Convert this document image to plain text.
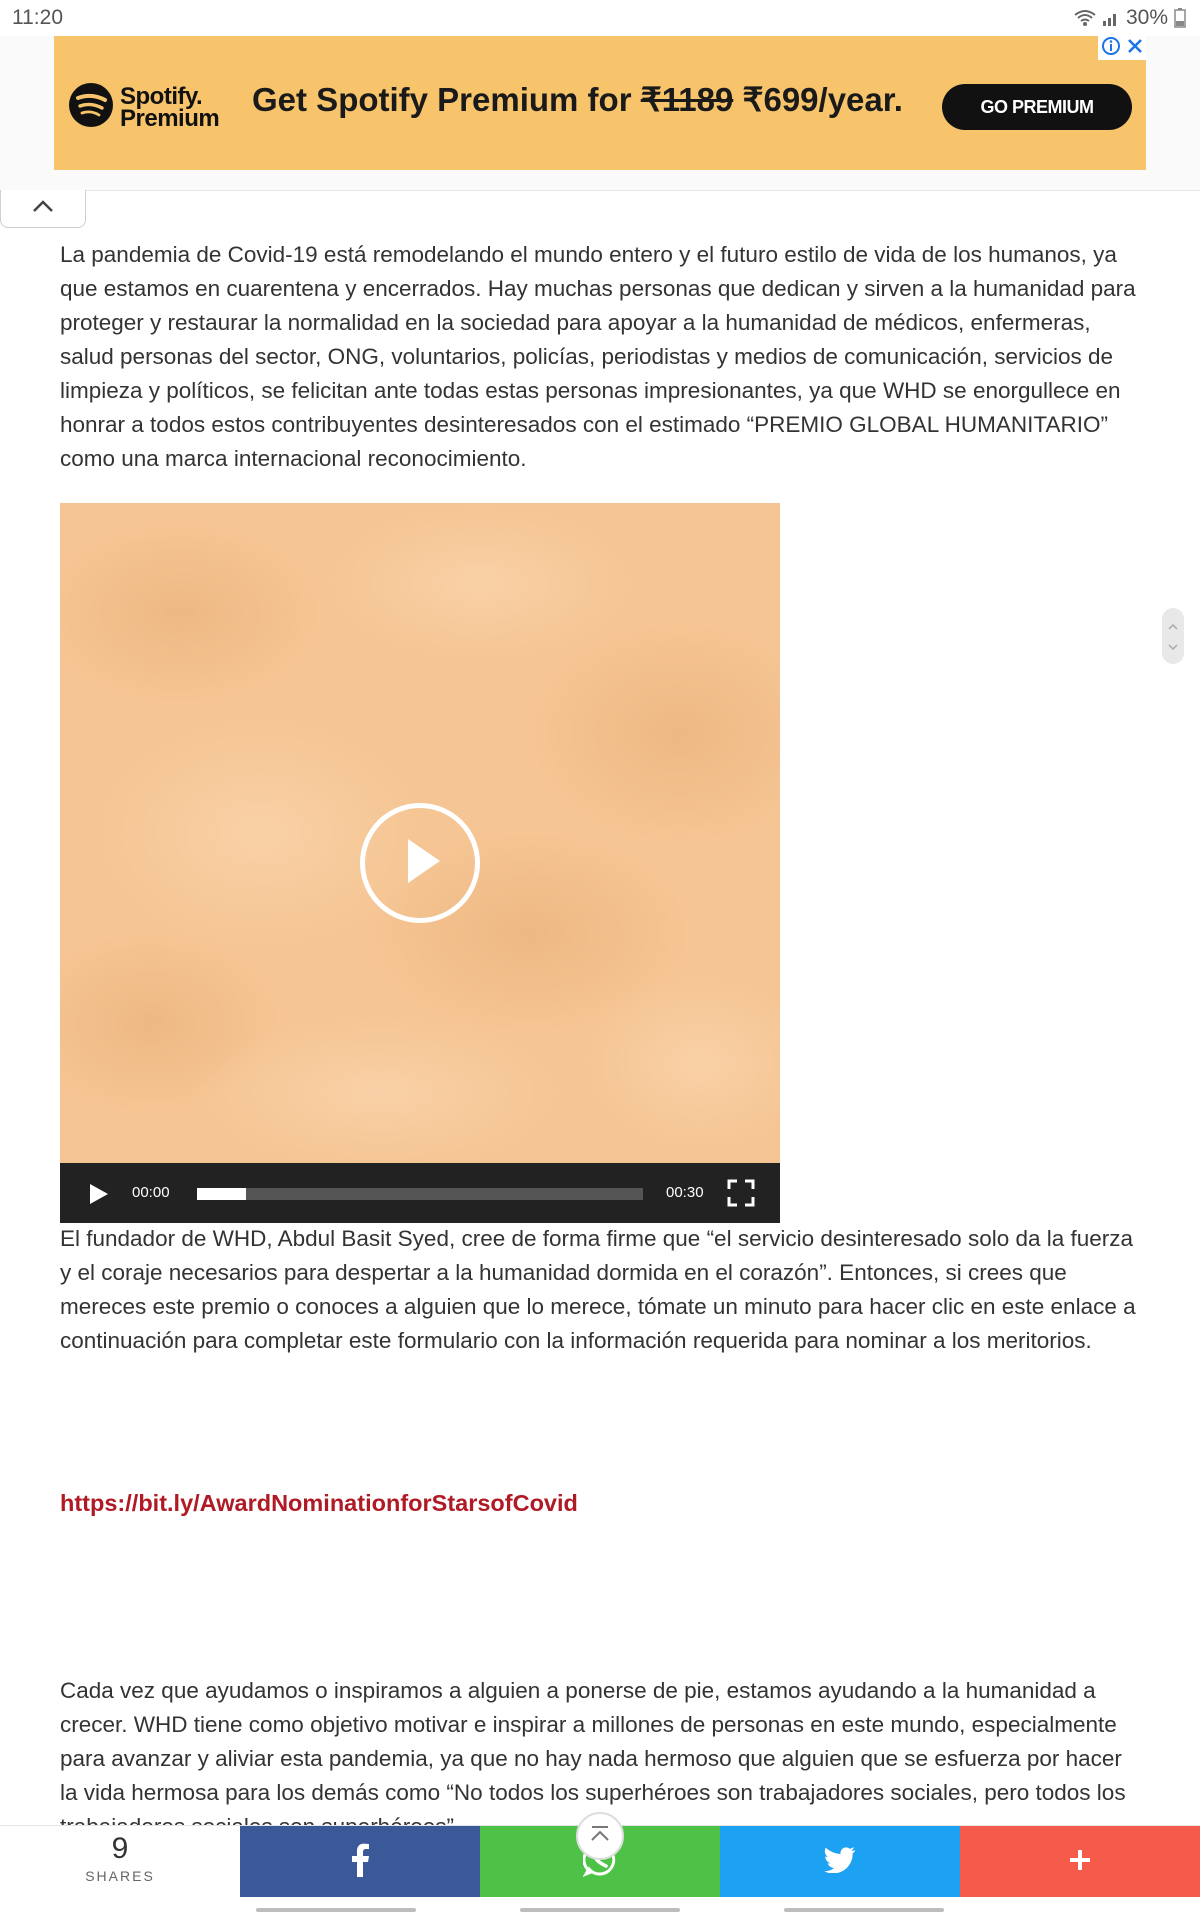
11:20	30%
Spotify.
Premium Get Spotify Premium for ₹1189 ₹699/year.	GO PREMIUM

La pandemia de Covid-19 está remodelando el mundo entero y el futuro estilo de vida de los humanos, ya que estamos en cuarentena y encerrados. Hay muchas personas que dedican y sirven a la humanidad para proteger y restaurar la normalidad en la sociedad para apoyar a la humanidad de médicos, enfermeras, salud personas del sector, ONG, voluntarios, policías, periodistas y medios de comunicación, servicios de limpieza y políticos, se felicitan ante todas estas personas impresionantes, ya que WHD se enorgullece en honrar a todos estos contribuyentes desinteresados con el estimado “PREMIO GLOBAL HUMANITARIO” como una marca internacional reconocimiento.

00:00	00:30

El fundador de WHD, Abdul Basit Syed, cree de forma firme que “el servicio desinteresado solo da la fuerza y el coraje necesarios para despertar a la humanidad dormida en el corazón”. Entonces, si crees que mereces este premio o conoces a alguien que lo merece, tómate un minuto para hacer clic en este enlace a continuación para completar este formulario con la información requerida para nominar a los meritorios.

https://bit.ly/AwardNominationforStarsofCovid

Cada vez que ayudamos o inspiramos a alguien a ponerse de pie, estamos ayudando a la humanidad a crecer. WHD tiene como objetivo motivar e inspirar a millones de personas en este mundo, especialmente para avanzar y aliviar esta pandemia, ya que no hay nada hermoso que alguien que se esfuerza por hacer la vida hermosa para los demás como “No todos los superhéroes son trabajadores sociales, pero todos los

9
SHARES
